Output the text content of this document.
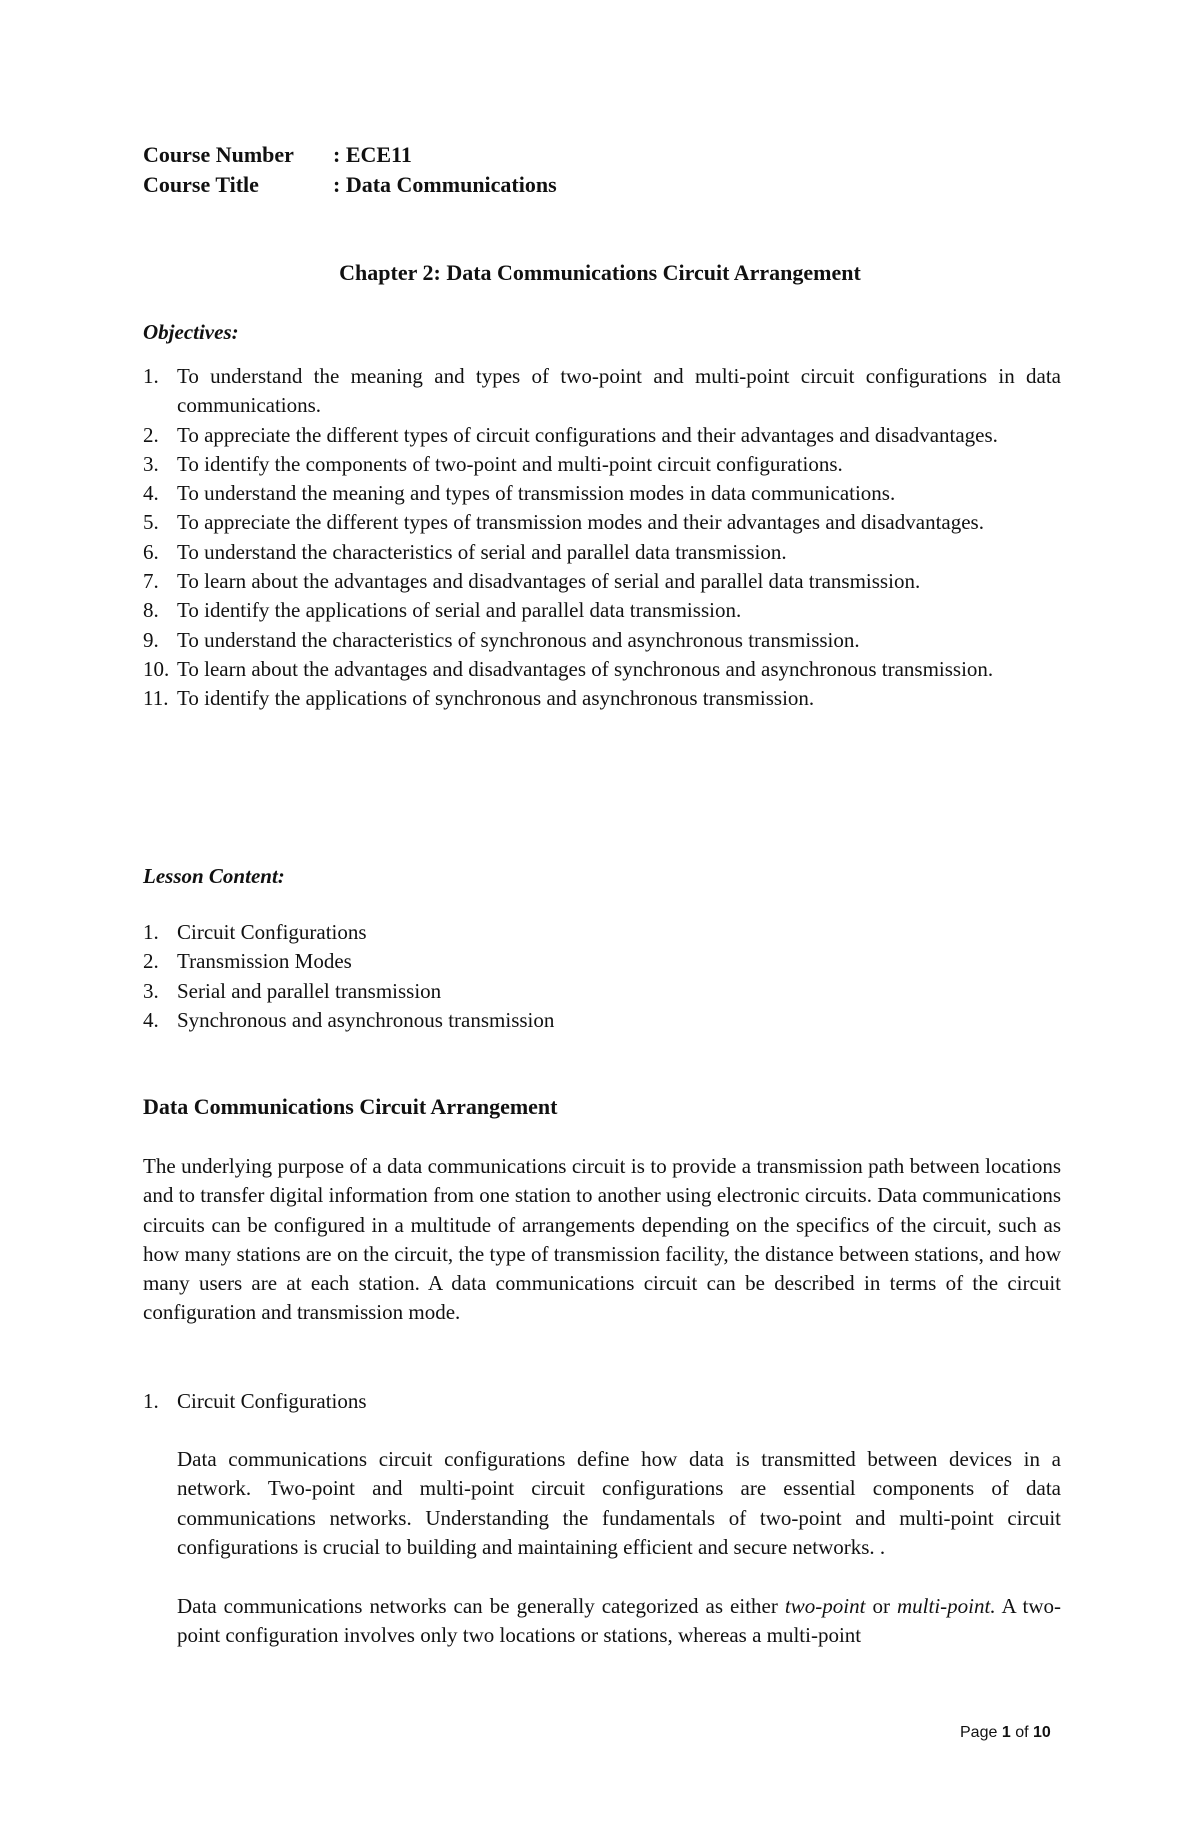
Course Number	: ECE11
Course Title	: Data Communications
Chapter 2: Data Communications Circuit Arrangement
Objectives:
1. To understand the meaning and types of two-point and multi-point circuit configurations in data communications.
2. To appreciate the different types of circuit configurations and their advantages and disadvantages.
3. To identify the components of two-point and multi-point circuit configurations.
4. To understand the meaning and types of transmission modes in data communications.
5. To appreciate the different types of transmission modes and their advantages and disadvantages.
6. To understand the characteristics of serial and parallel data transmission.
7. To learn about the advantages and disadvantages of serial and parallel data transmission.
8. To identify the applications of serial and parallel data transmission.
9. To understand the characteristics of synchronous and asynchronous transmission.
10. To learn about the advantages and disadvantages of synchronous and asynchronous transmission.
11. To identify the applications of synchronous and asynchronous transmission.
Lesson Content:
1. Circuit Configurations
2. Transmission Modes
3. Serial and parallel transmission
4. Synchronous and asynchronous transmission
Data Communications Circuit Arrangement

The underlying purpose of a data communications circuit is to provide a transmission path between locations and to transfer digital information from one station to another using electronic circuits. Data communications circuits can be configured in a multitude of arrangements depending on the specifics of the circuit, such as how many stations are on the circuit, the type of transmission facility, the distance between stations, and how many users are at each station. A data communications circuit can be described in terms of the circuit configuration and transmission mode.

1. Circuit Configurations

Data communications circuit configurations define how data is transmitted between devices in a network. Two-point and multi-point circuit configurations are essential components of data communications networks. Understanding the fundamentals of two-point and multi-point circuit configurations is crucial to building and maintaining efficient and secure networks. .

Data communications networks can be generally categorized as either two-point or multi-point. A two-point configuration involves only two locations or stations, whereas a multi-point

Page 1 of 10
